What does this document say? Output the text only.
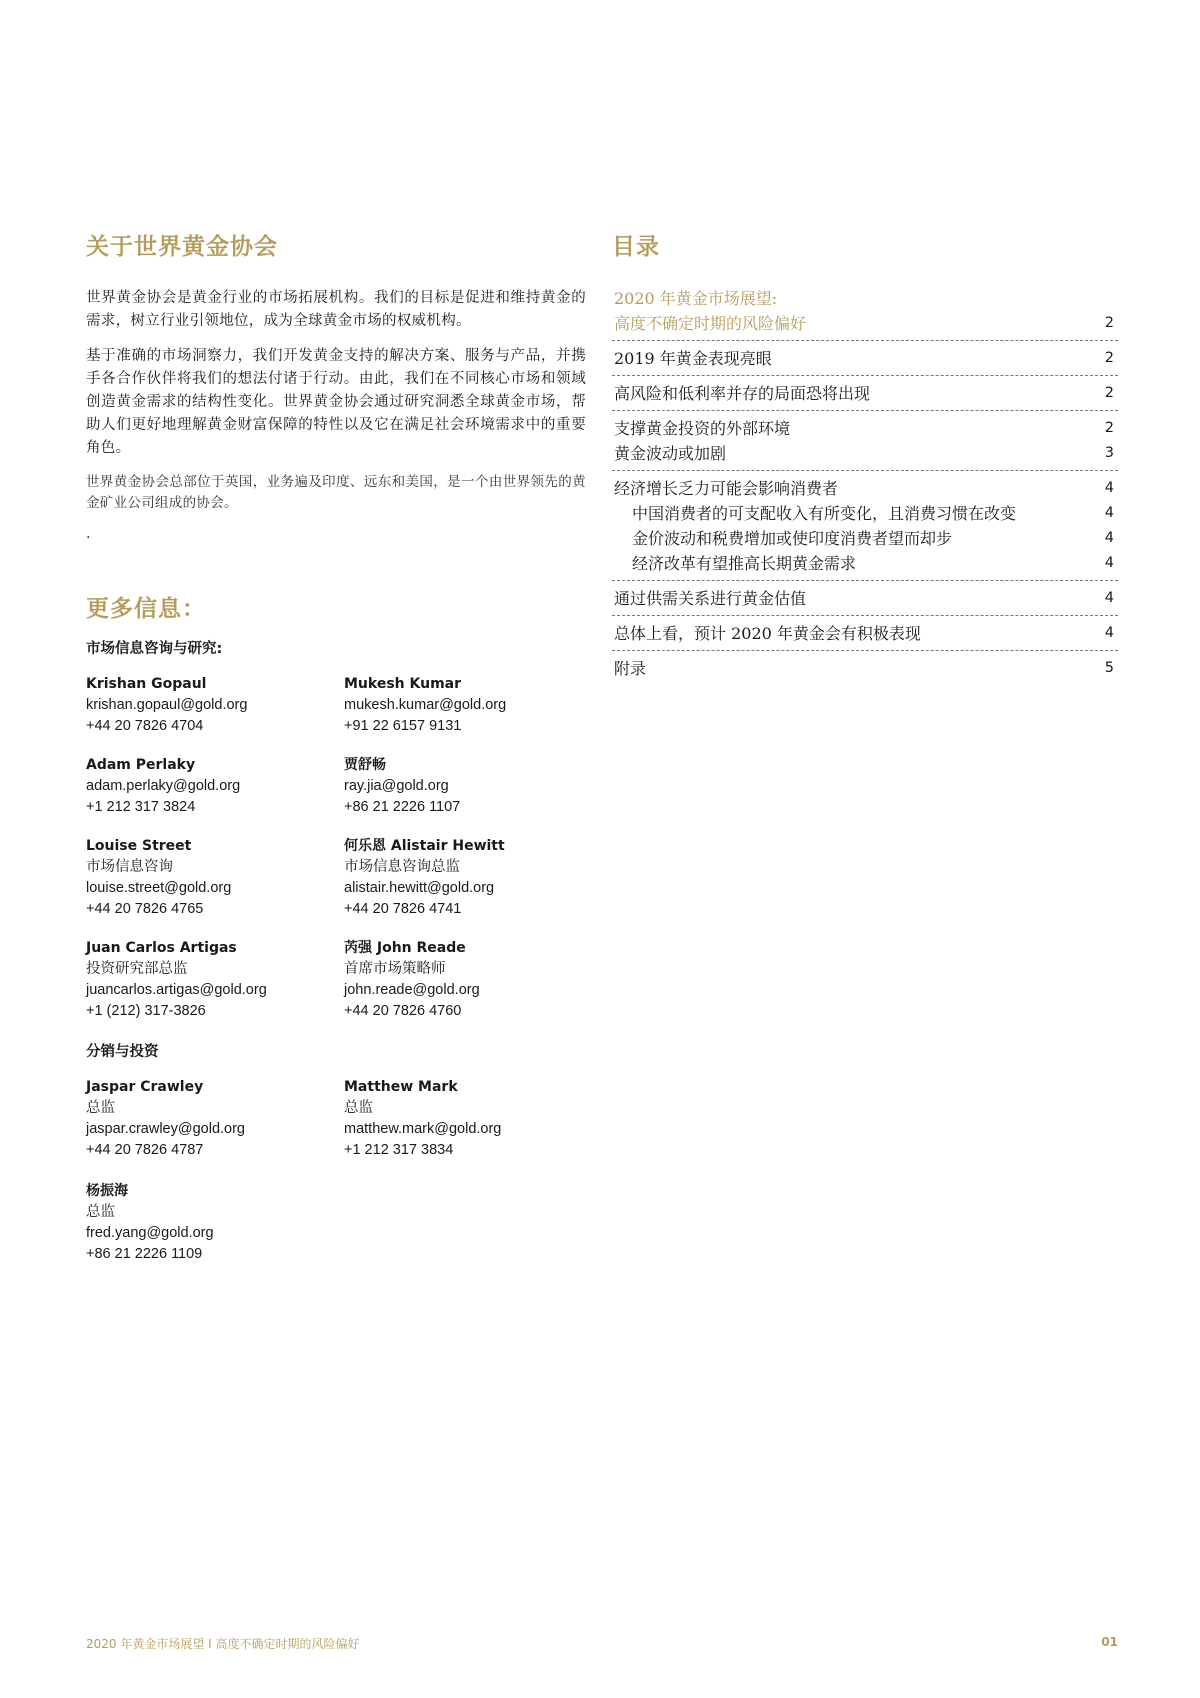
关于世界黄金协会

世界黄金协会是黄金行业的市场拓展机构。我们的目标是促进和维持黄金的需求，树立行业引领地位，成为全球黄金市场的权威机构。

基于准确的市场洞察力，我们开发黄金支持的解决方案、服务与产品，并携手各合作伙伴将我们的想法付诸于行动。由此，我们在不同核心市场和领域创造黄金需求的结构性变化。世界黄金协会通过研究洞悉全球黄金市场，帮助人们更好地理解黄金财富保障的特性以及它在满足社会环境需求中的重要角色。

世界黄金协会总部位于英国，业务遍及印度、远东和美国，是一个由世界领先的黄金矿业公司组成的协会。

.

更多信息：
市场信息咨询与研究:
Krishan Gopaul
krishan.gopaul@gold.org
+44 20 7826 4704
Mukesh Kumar
mukesh.kumar@gold.org
+91 22 6157 9131
Adam Perlaky
adam.perlaky@gold.org
+1 212 317 3824
贾舒畅
ray.jia@gold.org
+86 21 2226 1107
Louise Street
市场信息咨询
louise.street@gold.org
+44 20 7826 4765
何乐恩 Alistair Hewitt
市场信息咨询总监
alistair.hewitt@gold.org
+44 20 7826 4741
Juan Carlos Artigas
投资研究部总监
juancarlos.artigas@gold.org
+1 (212) 317-3826
芮强 John Reade
首席市场策略师
john.reade@gold.org
+44 20 7826 4760
分销与投资
Jaspar Crawley
总监
jaspar.crawley@gold.org
+44 20 7826 4787
Matthew Mark
总监
matthew.mark@gold.org
+1 212 317 3834
杨振海
总监
fred.yang@gold.org
+86 21 2226 1109
目录
2020 年黄金市场展望:
高度不确定时期的风险偏好	2
2019 年黄金表现亮眼	2
高风险和低利率并存的局面恐将出现	2
支撑黄金投资的外部环境	2
黄金波动或加剧	3
经济增长乏力可能会影响消费者	4
中国消费者的可支配收入有所变化，且消费习惯在改变	4
金价波动和税费增加或使印度消费者望而却步	4
经济改革有望推高长期黄金需求	4
通过供需关系进行黄金估值	4
总体上看，预计 2020 年黄金会有积极表现	4
附录	5
2020 年黄金市场展望 I 高度不确定时期的风险偏好	01
